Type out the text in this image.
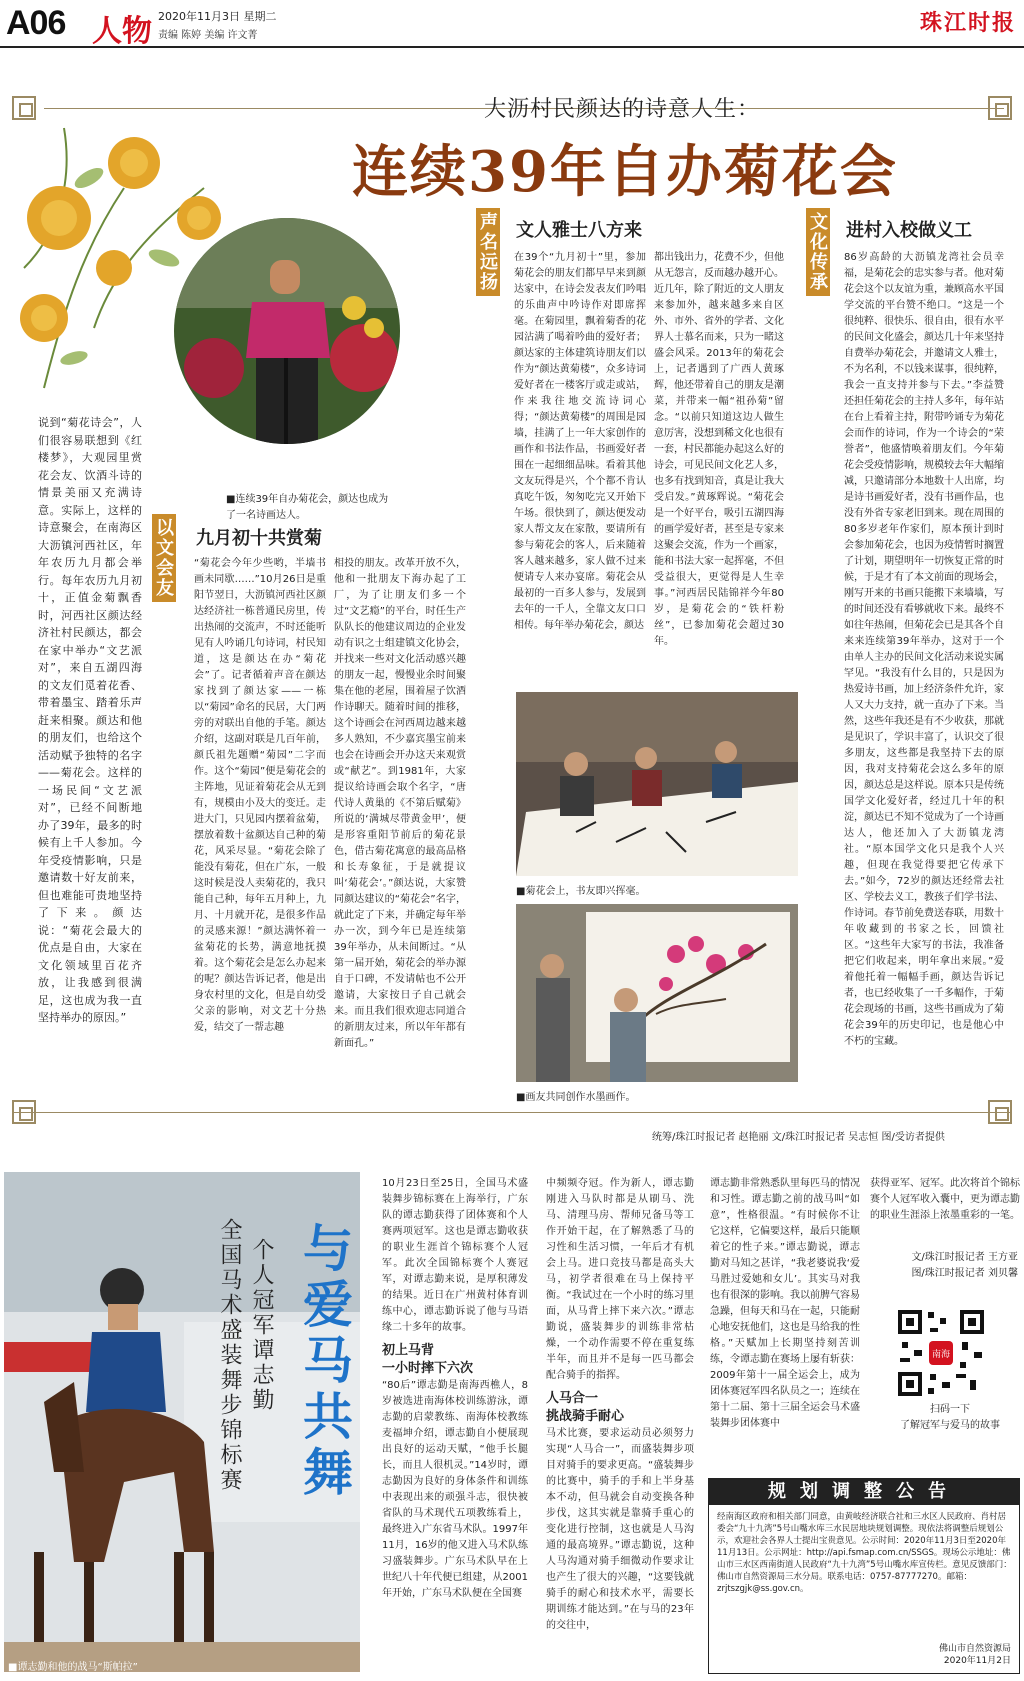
A06 人物 2020年11月3日 星期二
责编 陈婷 美编 许文菁	珠江时报
大沥村民颜达的诗意人生：
连续39年自办菊花会
■连续39年自办菊花会，颜达也成为了一名诗画达人。
说到“菊花诗会”，人们很容易联想到《红楼梦》，大观园里赏花会友、饮酒斗诗的情景美丽又充满诗意。实际上，这样的诗意聚会，在南海区大沥镇河西社区，年年农历九月都会举行。每年农历九月初十，正值金菊飘香时，河西社区颜达经济社村民颜达，都会在家中举办“文艺派对”，来自五湖四海的文友们觅着花香、带着墨宝、踏着乐声赶来相聚。颜达和他的朋友们，也给这个活动赋予独特的名字——菊花会。这样的一场民间“文艺派对”，已经不间断地办了39年，最多的时候有上千人参加。今年受疫情影响，只是邀请数十好友前来，但也难能可贵地坚持了下来。颜达说：“菊花会最大的优点是自由，大家在文化领域里百花齐放，让我感到很满足，这也成为我一直坚持举办的原因。”
以文会友 九月初十共赏菊
“菊花会今年少些哟，半墙书画未同歇……”10月26日是重阳节翌日，大沥镇河西社区颜达经济社一栋普通民房里，传出热闹的交流声，不时还能听见有人吟诵几句诗词，村民知道，这是颜达在办“菊花会”了。记者循着声音在颜达家找到了颜达家——一栋以“菊园”命名的民居，大门两旁的对联出自他的手笔。颜达介绍，这副对联是几百年前，颜氏祖先题赠“菊园”二字而作。这个“菊园”便是菊花会的主阵地，见证着菊花会从无到有，规模由小及大的变迁。走进大门，只见园内摆着盆菊，摆放着数十盆颜达自己种的菊花，风采尽显。“菊花会除了能没有菊花，但在广东，一般这时候是没人卖菊花的，我只能自己种，每年五月种上，九月、十月就开花，是很多作品的灵感来源！”颜达满怀着一盆菊花的长势，满意地抚摸着。这个菊花会是怎么办起来的呢？颜达告诉记者，他是出身农村里的文化，但是自幼受父亲的影响，对文艺十分热爱，结交了一帮志趣
相投的朋友。改革开放不久，他和一批朋友下海办起了工厂，为了让朋友们多一个过“文艺瘾”的平台，时任生产队队长的他建议周边的企业发动有识之士组建镇文化协会，并找来一些对文化活动感兴趣的朋友一起，慢慢业余时间聚集在他的老屋，围着屋子饮酒作诗聊天。随着时间的推移，这个诗画会在河西周边越来越多人熟知，不少嘉宾墨宝前来也会在诗画会开办这天来观赏或“献艺”。到1981年，大家提议给诗画会取个名字，“唐代诗人黄巢的《不第后赋菊》所说的‘满城尽带黄金甲’，便是形容重阳节前后的菊花景色，借古菊花寓意的最高品格和长寿象征，于是就提议叫‘菊花会’。”颜达说，大家赞同颜达建议的“菊花会”名字，就此定了下来，并确定每年举办一次，到今年已是连续第39年举办，从未间断过。“从第一届开始，菊花会的举办源自于口碑，不发请帖也不公开邀请，大家按日子自己就会来。而且我们很欢迎志同道合的新朋友过来，所以年年都有新面孔。”
声名远扬 文人雅士八方来
在39个“九月初十”里，参加菊花会的朋友们都早早来到颜达家中，在诗会发表友们吟唱的乐曲声中吟诗作对即席挥毫。在菊园里，飘着菊香的花园沾满了喝着吟曲的爱好者；颜达家的主体建筑诗朋友们以作为“颜达黄菊楼”，众多诗词爱好者在一楼客厅或走或站，作来我往地交流诗词心得；“颜达黄菊楼”的周围是园墙，挂满了上一年大家创作的画作和书法作品，书画爱好者围在一起细细品味。看着其他文友玩得是兴，个个都不肯认真吃午饭，匆匆吃完又开始下午场。很快到了，颜达便发动家人帮文友在家散，要请所有参与菊花会的客人，后来随着客人越来越多，家人做不过来便请专人来办宴席。菊花会从最初的一百多人参与，发展到去年的一千人，全靠文友口口相传。每年举办菊花会，颜达
都出钱出力，花费不少，但他从无怨言，反而越办越开心。近几年，除了附近的文人朋友来参加外，越来越多来自区外、市外、省外的学者、文化界人士慕名而来，只为一睹这盛会风采。2013年的菊花会上，记者遇到了广西人黄琢辉，他还带着自己的朋友是潮菜，并带来一幅“祖孙菊”留念。“以前只知道这边人做生意厉害，没想到稀文化也很有一套，村民都能办起这么好的诗会，可见民间文化艺人多，也多有找到知音，真是让我大受启发。”黄琢辉说。“菊花会是一个好平台，吸引五湖四海的画学爱好者，甚至是专家来这聚会交流，作为一个画家，能和书法大家一起挥毫，不但受益很大，更觉得是人生幸事。”河西居民陆锦祥今年80岁，是菊花会的“铁杆粉丝”，已参加菊花会超过30年。
文化传承 进村入校做义工
86岁高龄的大沥镇龙湾社会员幸福，是菊花会的忠实参与者。他对菊花会这个以友谊为重，兼顾高水平国学交流的平台赞不绝口。“这是一个很纯粹、很快乐、很自由，很有水平的民间文化盛会，颜达几十年来坚持自费举办菊花会，并邀请文人雅士，不为名利，不以钱来谋事，很纯粹，我会一直支持并参与下去。”李益赞还担任菊花会的主持人多年，每年站在台上看着主持，附带吟诵专为菊花会而作的诗词，作为一个诗会的“荣誉者”，他盛情唤着朋友们。今年菊花会受疫情影响，规模较去年大幅缩减，只邀请部分本地数十人出席，均是诗书画爱好者，没有书画作品，也没有外省专家老旧到来。现在周围的80多岁老年作家们，原本预计到时会参加菊花会，也因为疫情暂时搁置了计划，期望明年一切恢复正常的时候，于是才有了本文前面的现场会，刚写开来的书画只能搬下来墙墙，写的时间还没有看够就收下来。最终不如往年热闹，但菊花会已是其各个自来来连续第39年举办，这对于一个由单人主办的民间文化活动来说实属罕见。“我没有什么目的，只是因为热爱诗书画，加上经济条件允许，家人又大力支持，就一直办了下来。当然，这些年我还是有不少收获，那就是见识了，学识丰富了，认识交了很多朋友，这些都是我坚持下去的原因，我对支持菊花会这么多年的原因，颜达总是这样说。原本只是传统国学文化爱好者，经过几十年的积淀，颜达已不知不觉成为了一个诗画达人，他还加入了大沥镇龙湾社。“原本国学文化只是我个人兴趣，但现在我觉得要把它传承下去。”如今，72岁的颜达还经常去社区、学校去义工，教孩子们学书法、作诗词。春节前免费送春联，用数十年收藏到的书家之长，回馈社区。“这些年大家写的书法，我准备把它们收起来，明年拿出来展。”爱着他托着一幅幅手画，颜达告诉记者，也已经收集了一千多幅作，于菊花会现场的书画，这些书画成为了菊花会39年的历史印记，也是他心中不朽的宝藏。
■菊花会上，书友即兴挥毫。
■画友共同创作水墨画作。
统筹/珠江时报记者 赵艳丽 文/珠江时报记者 吴志恒 图/受访者提供
■谭志勤和他的战马“斯帕拉”
与爱马共舞
个人冠军谭志勤
全国马术盛装舞步锦标赛
10月23日至25日，全国马术盛装舞步锦标赛在上海举行，广东队的谭志勤获得了团体赛和个人赛两项冠军。这也是谭志勤收获的职业生涯首个锦标赛个人冠军。此次全国锦标赛个人赛冠军，对谭志勤来说，是厚积薄发的结果。近日在广州黄村体育训练中心，谭志勤诉说了他与马语缘二十多年的故事。
初上马背
一小时摔下六次
“80后”谭志勤是南海西樵人，8岁被选进南海体校训练游泳，谭志勤的启蒙教练、南海体校教练麦福坤介绍，谭志勤自小便展现出良好的运动天赋，“他手长腿长，而且人很机灵。”14岁时，谭志勤因为良好的身体条件和训练中表现出来的顽强斗志，很快被省队的马术现代五项教练看上，最终进入广东省马术队。1997年11月，16岁的他又进入马术队练习盛装舞步。广东马术队早在上世纪八十年代便已组建，从2001年开始，广东马术队便在全国赛
中频频夺冠。作为新人，谭志勤刚进入马队时都是从刷马、洗马、清理马房、帮师兄备马等工作开始干起，在了解熟悉了马的习性和生活习惯，一年后才有机会上马。进口竞技马都是高头大马，初学者很难在马上保持平衡。“我试过在一个小时的练习里面，从马背上摔下来六次。”谭志勤说，盛装舞步的训练非常枯燥，一个动作需要不停在重复练半年，而且并不是每一匹马都会配合骑手的指挥。
人马合一
挑战骑手耐心
马术比赛，要求运动员必须努力实现“人马合一”，而盛装舞步项目对骑手的要求更高。“盛装舞步的比赛中，骑手的手和上半身基本不动，但马就会自动变换各种步伐，这其实就是靠骑手重心的变化进行控制，这也就是人马沟通的最高境界。”谭志勤说，这种人马沟通对骑手细微动作要求让也产生了很大的兴趣，“这要钱就骑手的耐心和技术水平，需要长期训练才能达到。”在与马的23年的交往中，
谭志勤非常熟悉队里每匹马的情况和习性。谭志勤之前的战马叫“如意”，性格很温。“有时候你不让它这样，它偏要这样，最后只能顺着它的性子来。”谭志勤说，谭志勤对马知之甚详，“我老婆说我‘爱马胜过爱她和女儿’。其实马对我也有很深的影响。我以前脾气容易急躁，但每天和马在一起，只能耐心地安抚他们，这也是马给我的性格。”天赋加上长期坚持刻苦训练，令谭志勤在赛场上屡有斩获：2009年第十一届全运会上，成为团体赛冠军四名队员之一；连续在第十二届、第十三届全运会马术盛装舞步团体赛中
获得亚军、冠军。此次将首个锦标赛个人冠军收入囊中，更为谭志勤的职业生涯添上浓墨重彩的一笔。
文/珠江时报记者 王方亚
图/珠江时报记者 刘贝馨
南海
扫码一下
了解冠军与爱马的故事
规划调整公告
经南海区政府和相关部门同意，由黄岐经济联合社和三水区人民政府、肖村居委会“九十九湾”5号山嘴水库三水民居地块规划调整。现依法将调整后规划公示，欢迎社会各界人士提出宝贵意见。公示时间：2020年11月3日至2020年11月13日。公示网址：http://api.fsmap.com.cn/SSGS。现场公示地址：佛山市三水区西南街道人民政府“九十九湾”5号山嘴水库宣传栏。意见反馈部门：佛山市自然资源局三水分局。联系电话：0757-87777270。邮箱：zrjtszgjk@ss.gov.cn。
佛山市自然资源局
2020年11月2日
